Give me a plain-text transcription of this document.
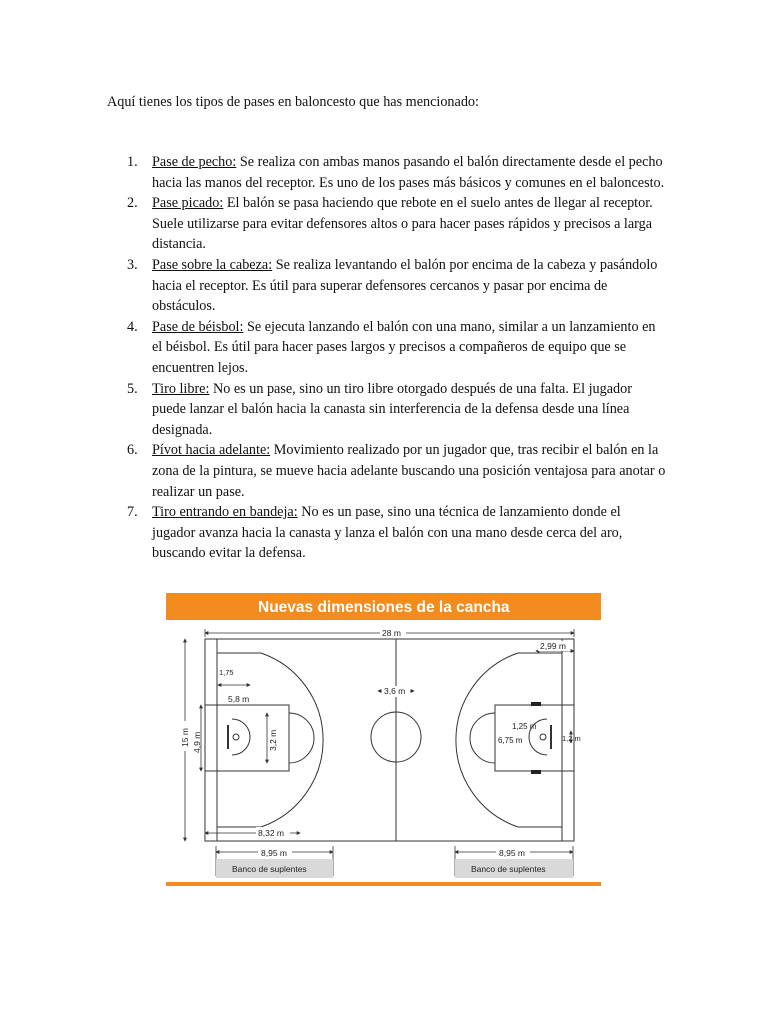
Aquí tienes los tipos de pases en baloncesto que has mencionado:
1. Pase de pecho: Se realiza con ambas manos pasando el balón directamente desde el pecho hacia las manos del receptor. Es uno de los pases más básicos y comunes en el baloncesto.
2. Pase picado: El balón se pasa haciendo que rebote en el suelo antes de llegar al receptor. Suele utilizarse para evitar defensores altos o para hacer pases rápidos y precisos a larga distancia.
3. Pase sobre la cabeza: Se realiza levantando el balón por encima de la cabeza y pasándolo hacia el receptor. Es útil para superar defensores cercanos y pasar por encima de obstáculos.
4. Pase de béisbol: Se ejecuta lanzando el balón con una mano, similar a un lanzamiento en el béisbol. Es útil para hacer pases largos y precisos a compañeros de equipo que se encuentren lejos.
5. Tiro libre: No es un pase, sino un tiro libre otorgado después de una falta. El jugador puede lanzar el balón hacia la canasta sin interferencia de la defensa desde una línea designada.
6. Pívot hacia adelante: Movimiento realizado por un jugador que, tras recibir el balón en la zona de la pintura, se mueve hacia adelante buscando una posición ventajosa para anotar o realizar un pase.
7. Tiro entrando en bandeja: No es un pase, sino una técnica de lanzamiento donde el jugador avanza hacia la canasta y lanza el balón con una mano desde cerca del aro, buscando evitar la defensa.
Nuevas dimensiones de la cancha
28 m
2,99 m
1,75
5,8 m
3,6 m
15 m 4,9 m	3,2 m
1,25 m
6,75 m	1,2 m
8,32 m
8,95 m	8,95 m
Banco de suplentes	Banco de suplentes
